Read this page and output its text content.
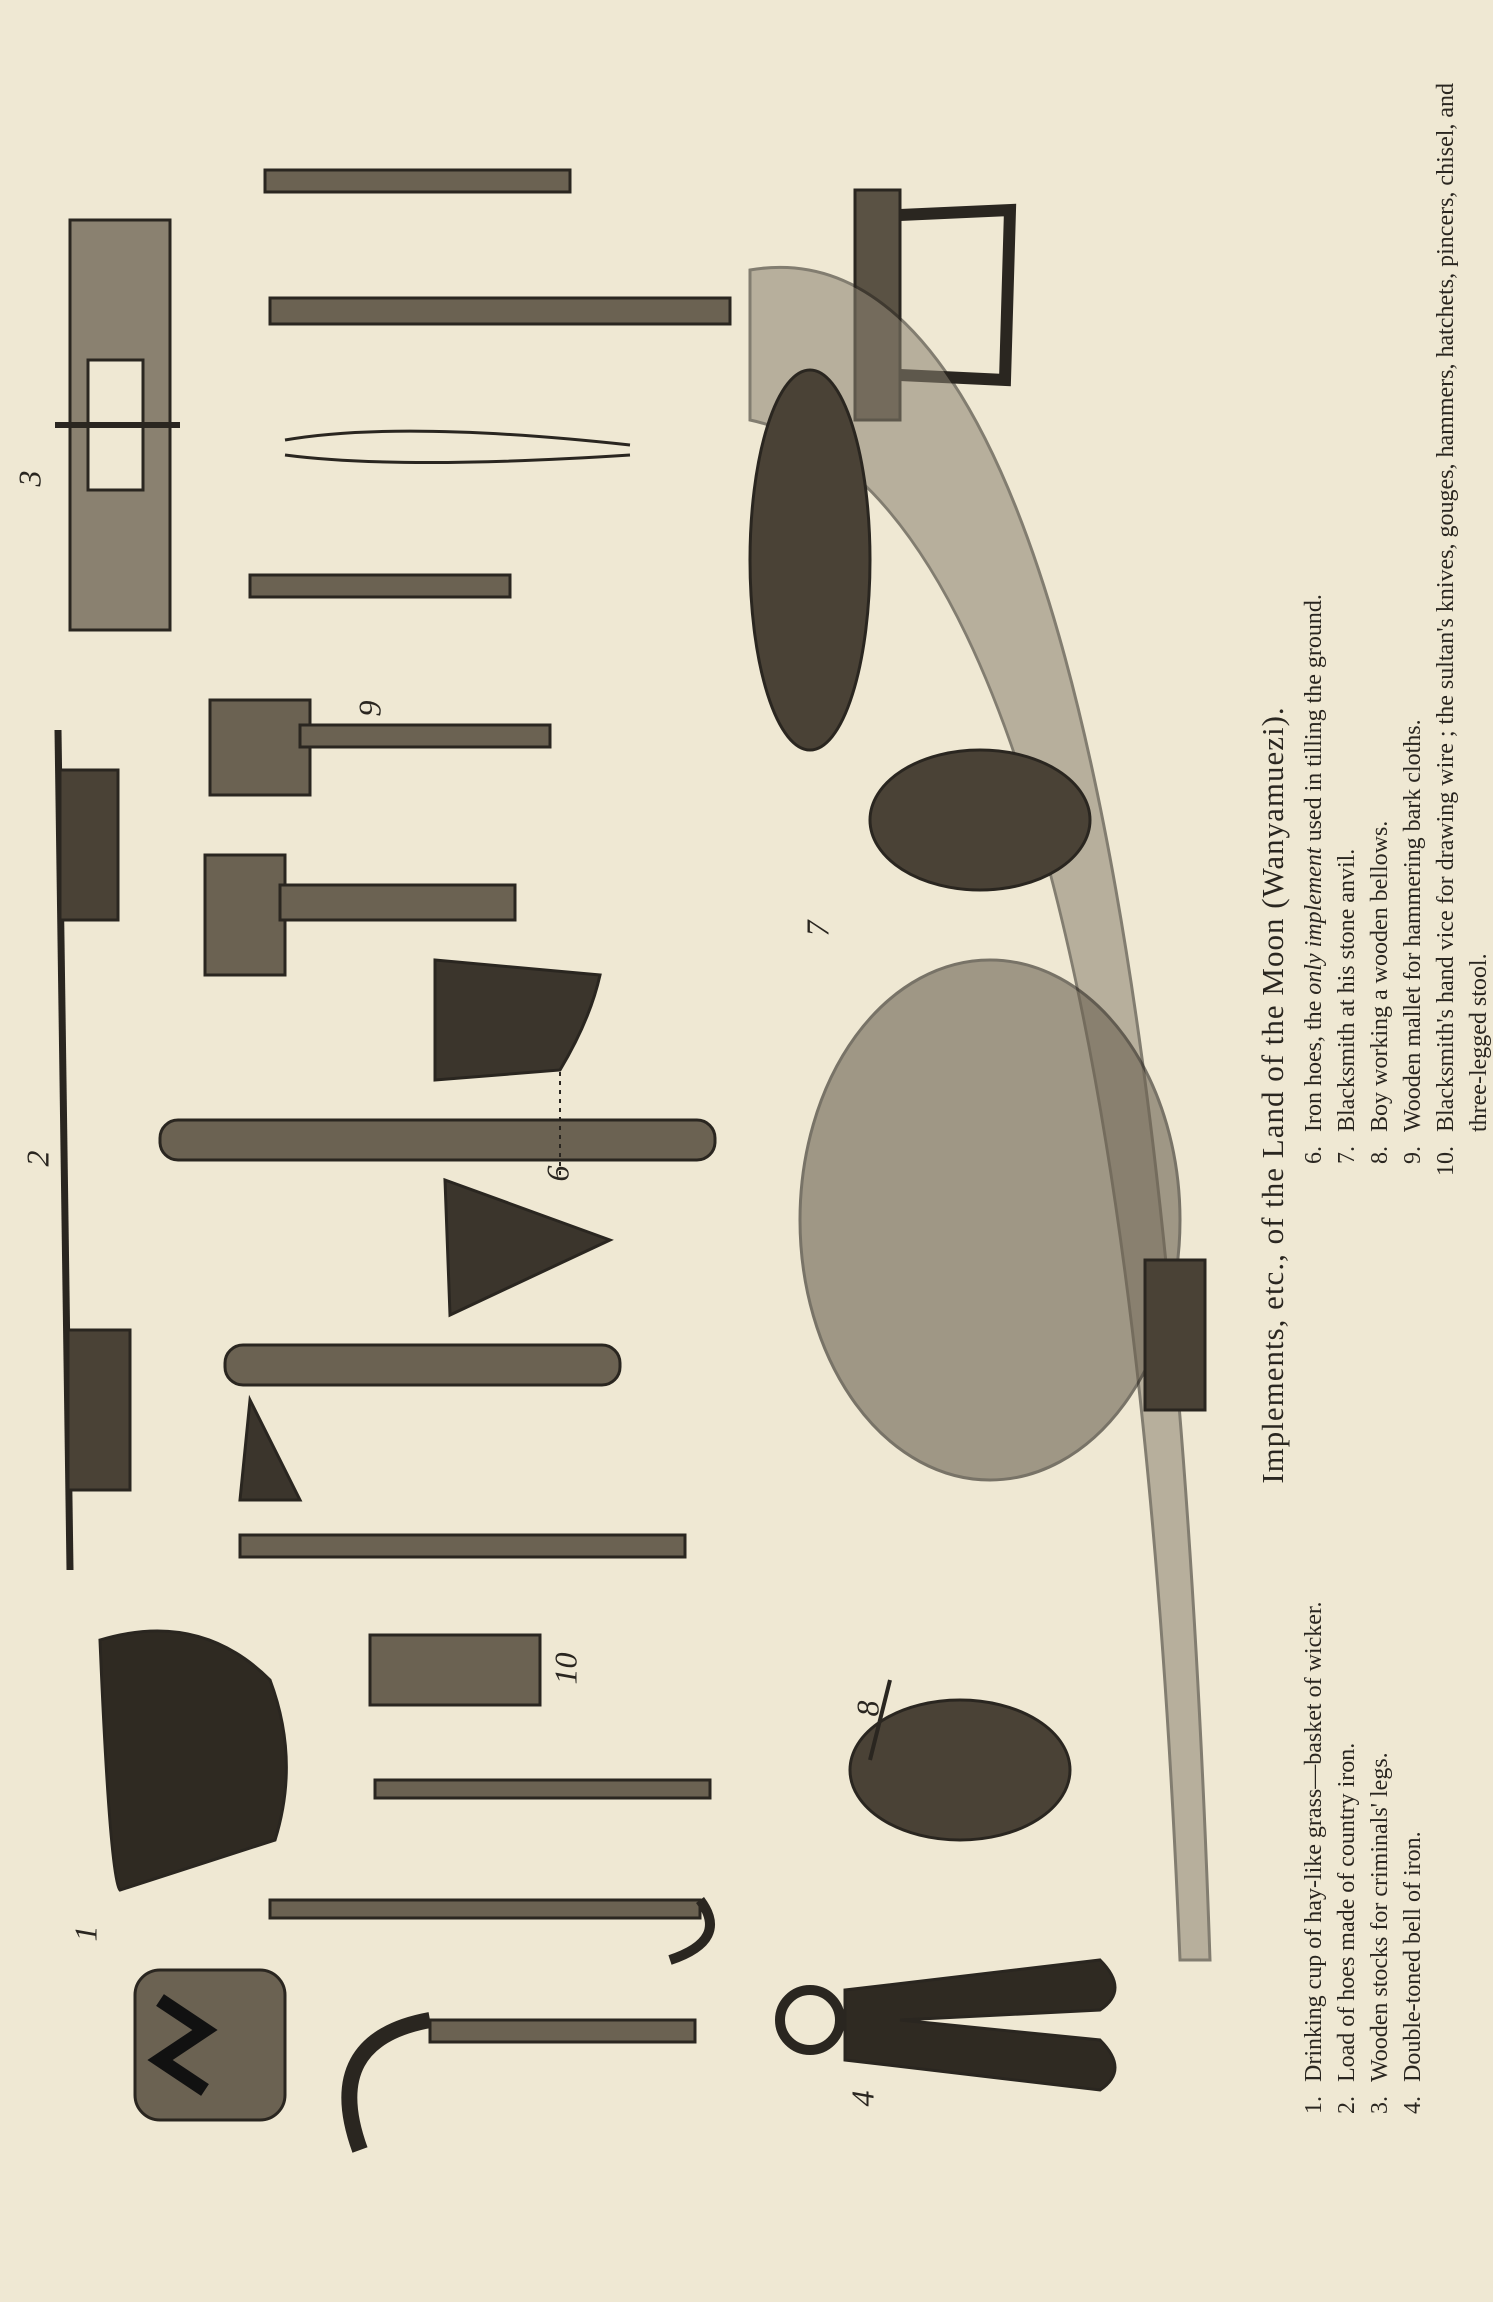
1
2
3
4
6
7
8
9
10
Implements, etc., of the Land of the Moon (Wanyamuezi).
1.
Drinking cup of hay-like grass—basket of wicker.
2.
Load of hoes made of country iron.
3.
Wooden stocks for criminals' legs.
4.
Double-toned bell of iron.
6.
Iron hoes, the only implement used in tilling the ground.
7.
Blacksmith at his stone anvil.
8.
Boy working a wooden bellows.
9.
Wooden mallet for hammering bark cloths.
10.
Blacksmith's hand vice for drawing wire ; the sultan's knives, gouges, hammers, hatchets, pincers, chisel, and three-legged stool.
